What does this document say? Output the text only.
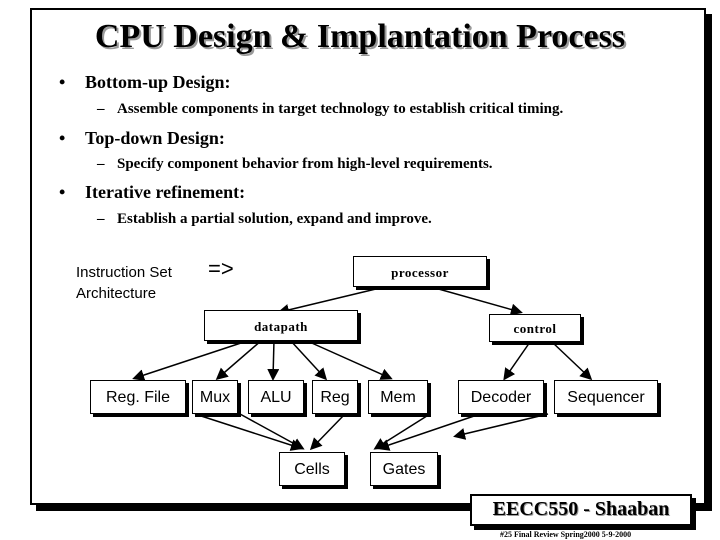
CPU Design & Implantation Process
• Bottom-up Design:
– Assemble components in target technology to establish critical timing.
• Top-down Design:
– Specify component behavior from high-level requirements.
• Iterative refinement:
– Establish a partial solution, expand and improve.
Instruction Set
Architecture
=>	processor
datapath	control
Reg. File	Mux	ALU	Reg	Mem	Decoder	Sequencer
Cells	Gates
EECC550 - Shaaban
#25 Final Review Spring2000 5-9-2000
